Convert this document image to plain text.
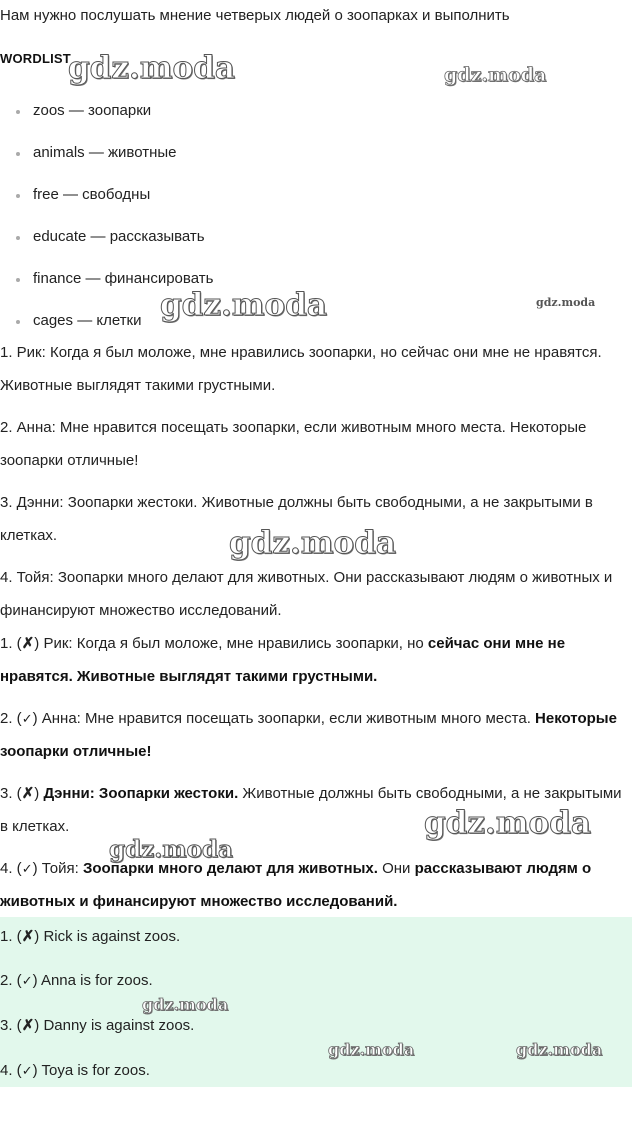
Нам нужно послушать мнение четверых людей о зоопарках и выполнить
WORDLIST
zoos — зоопарки
animals — животные
free — свободны
educate — рассказывать
finance — финансировать
cages — клетки

1. Рик: Когда я был моложе, мне нравились зоопарки, но сейчас они мне не нравятся. Животные выглядят такими грустными.

2. Анна: Мне нравится посещать зоопарки, если животным много места. Некоторые зоопарки отличные!

3. Дэнни: Зоопарки жестоки. Животные должны быть свободными, а не закрытыми в клетках.

4. Тойя: Зоопарки много делают для животных. Они рассказывают людям о животных и финансируют множество исследований.

1. (✗) Рик: Когда я был моложе, мне нравились зоопарки, но сейчас они мне не нравятся. Животные выглядят такими грустными.

2. (✓) Анна: Мне нравится посещать зоопарки, если животным много места. Некоторые зоопарки отличные!

3. (✗) Дэнни: Зоопарки жестоки. Животные должны быть свободными, а не закрытыми в клетках.

4. (✓) Тойя: Зоопарки много делают для животных. Они рассказывают людям о животных и финансируют множество исследований.

1. (✗) Rick is against zoos.
2. (✓) Anna is for zoos.
3. (✗) Danny is against zoos.
4. (✓) Toya is for zoos.
gdz.moda	gdz.moda
gdz.moda	gdz.moda
gdz.moda
gdz.moda
gdz.moda
gdz.moda
gdz.moda	gdz.moda
